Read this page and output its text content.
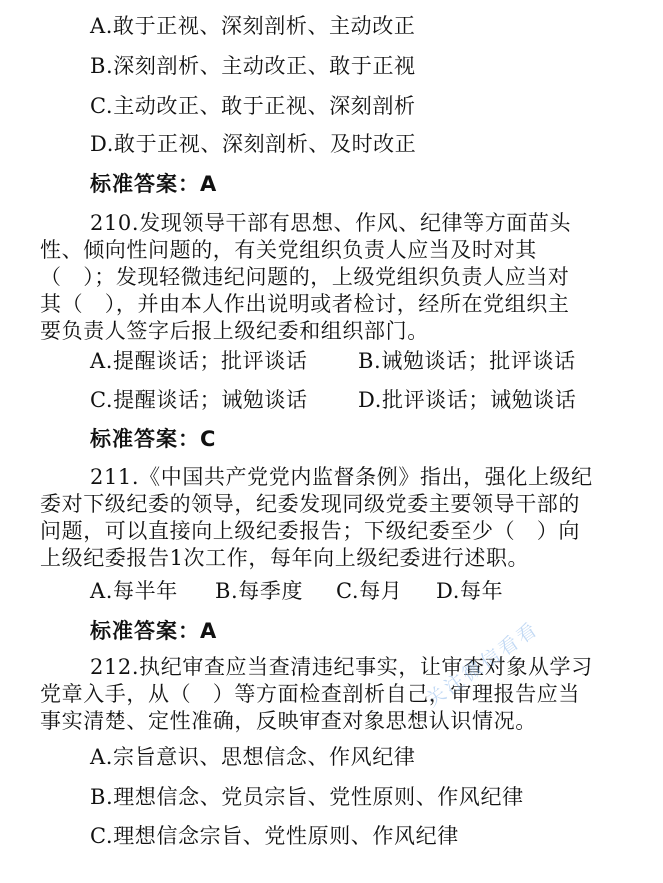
A.敢于正视、深刻剖析、主动改正
B.深刻剖析、主动改正、敢于正视
C.主动改正、敢于正视、深刻剖析
D.敢于正视、深刻剖析、及时改正
标准答案：A
210.发现领导干部有思想、作风、纪律等方面苗头
性、倾向性问题的，有关党组织负责人应当及时对其
（　）；发现轻微违纪问题的，上级党组织负责人应当对
其（　），并由本人作出说明或者检讨，经所在党组织主
要负责人签字后报上级纪委和组织部门。
A.提醒谈话；批评谈话 B.诫勉谈话；批评谈话
C.提醒谈话；诫勉谈话 D.批评谈话；诫勉谈话
标准答案：C
211.《中国共产党党内监督条例》指出，强化上级纪
委对下级纪委的领导，纪委发现同级党委主要领导干部的
问题，可以直接向上级纪委报告；下级纪委至少（　）向
上级纪委报告1次工作，每年向上级纪委进行述职。
A.每半年 B.每季度 C.每月 D.每年
标准答案：A
212.执纪审查应当查清违纪事实，让审查对象从学习
党章入手，从（　）等方面检查剖析自己，审理报告应当
事实清楚、定性准确，反映审查对象思想认识情况。
A.宗旨意识、思想信念、作风纪律
B.理想信念、党员宗旨、党性原则、作风纪律
C.理想信念宗旨、党性原则、作风纪律
关注微信看看
